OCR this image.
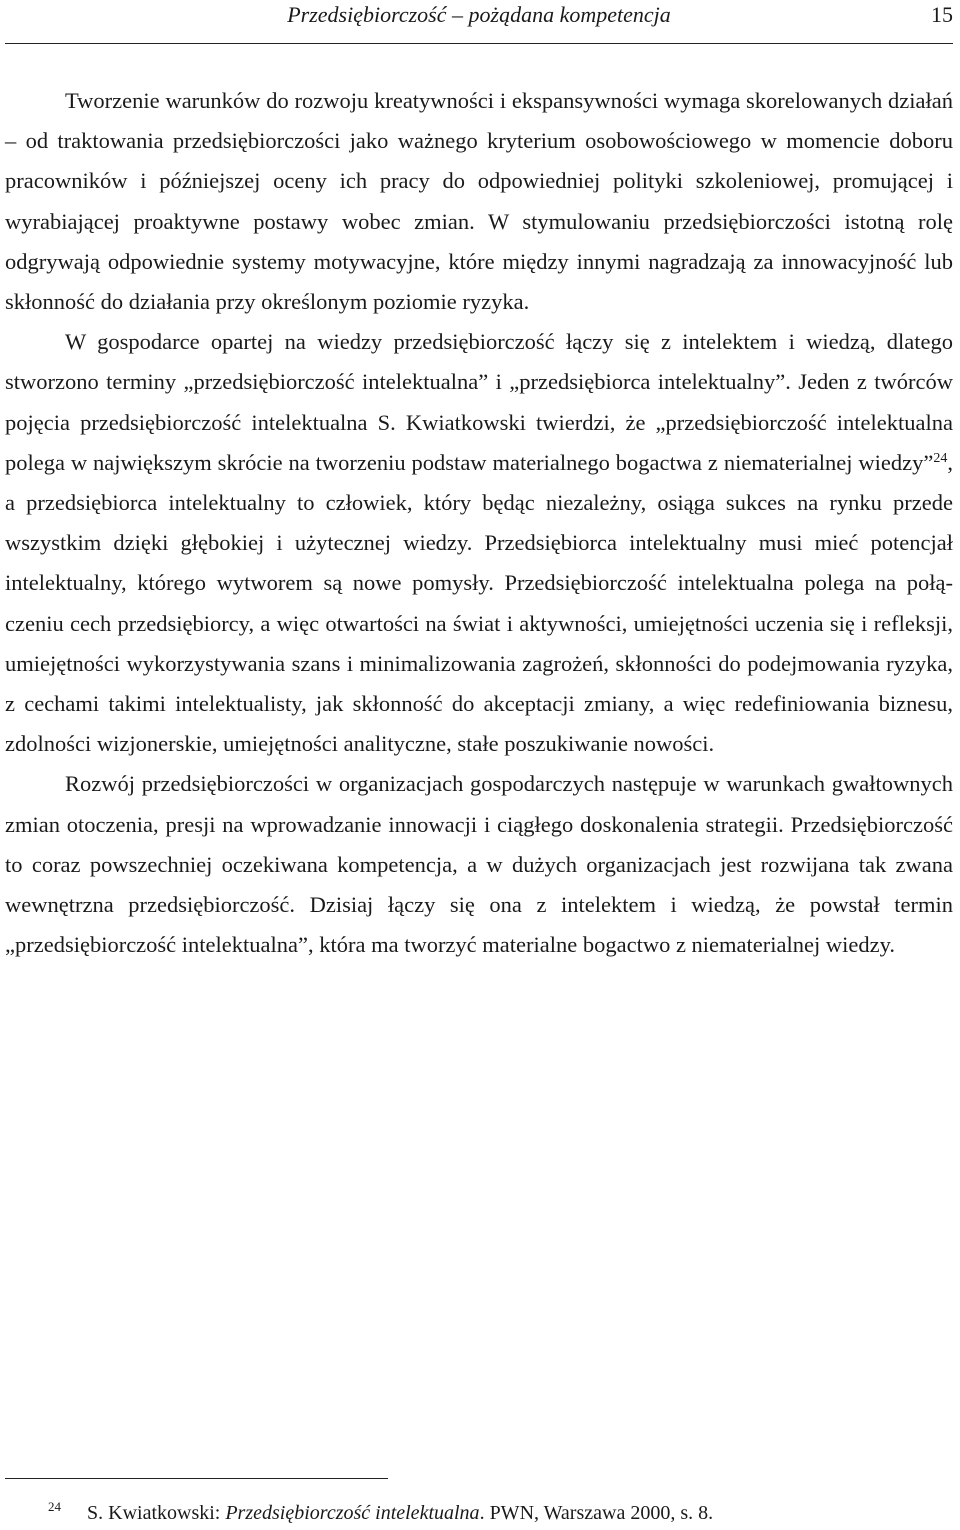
Przedsiębiorczość – pożądana kompetencja	15

Tworzenie warunków do rozwoju kreatywności i ekspansywności wymaga skorelowanych działań – od traktowania przedsiębiorczości jako ważnego kryterium osobowościowego w momencie doboru pracowników i późniejszej oceny ich pracy do odpowiedniej polityki szkoleniowej, promującej i wyrabiającej proaktywne postawy wobec zmian. W stymulowaniu przedsiębiorczości istotną rolę odgrywają odpowiednie systemy motywacyjne, które między innymi nagradzają za innowacyjność lub skłonność do działania przy określonym poziomie ryzyka.

W gospodarce opartej na wiedzy przedsiębiorczość łączy się z intelektem i wiedzą, dlatego stworzono terminy „przedsiębiorczość intelektualna” i „przedsiębiorca intelektualny”. Jeden z twórców pojęcia przedsiębiorczość intelektualna S. Kwiatkowski twierdzi, że „przedsiębiorczość intelektualna polega w największym skrócie na tworzeniu podstaw materialnego bogactwa z niematerialnej wiedzy”$^{24}$, a przedsiębiorca intelektualny to człowiek, który będąc niezależny, osiąga sukces na rynku przede wszystkim dzięki głębokiej i użytecznej wiedzy. Przedsiębiorca intelektualny musi mieć potencjał intelektualny, którego wytworem są nowe pomysły. Przedsiębiorczość intelektualna polega na połączeniu cech przedsiębiorcy, a więc otwartości na świat i aktywności, umiejętności uczenia się i refleksji, umiejętności wykorzystywania szans i minimalizowania zagrożeń, skłonności do podejmowania ryzyka, z cechami takimi intelektualisty, jak skłonność do akceptacji zmiany, a więc redefiniowania biznesu, zdolności wizjonerskie, umiejętności analityczne, stałe poszukiwanie nowości.

Rozwój przedsiębiorczości w organizacjach gospodarczych następuje w warunkach gwałtownych zmian otoczenia, presji na wprowadzanie innowacji i ciągłego doskonalenia strategii. Przedsiębiorczość to coraz powszechniej oczekiwana kompetencja, a w dużych organizacjach jest rozwijana tak zwana wewnętrzna przedsiębiorczość. Dzisiaj łączy się ona z intelektem i wiedzą, że powstał termin „przedsiębiorczość intelektualna”, która ma tworzyć materialne bogactwo z niematerialnej wiedzy.

$^{24}$ S. Kwiatkowski: Przedsiębiorczość intelektualna. PWN, Warszawa 2000, s. 8.
